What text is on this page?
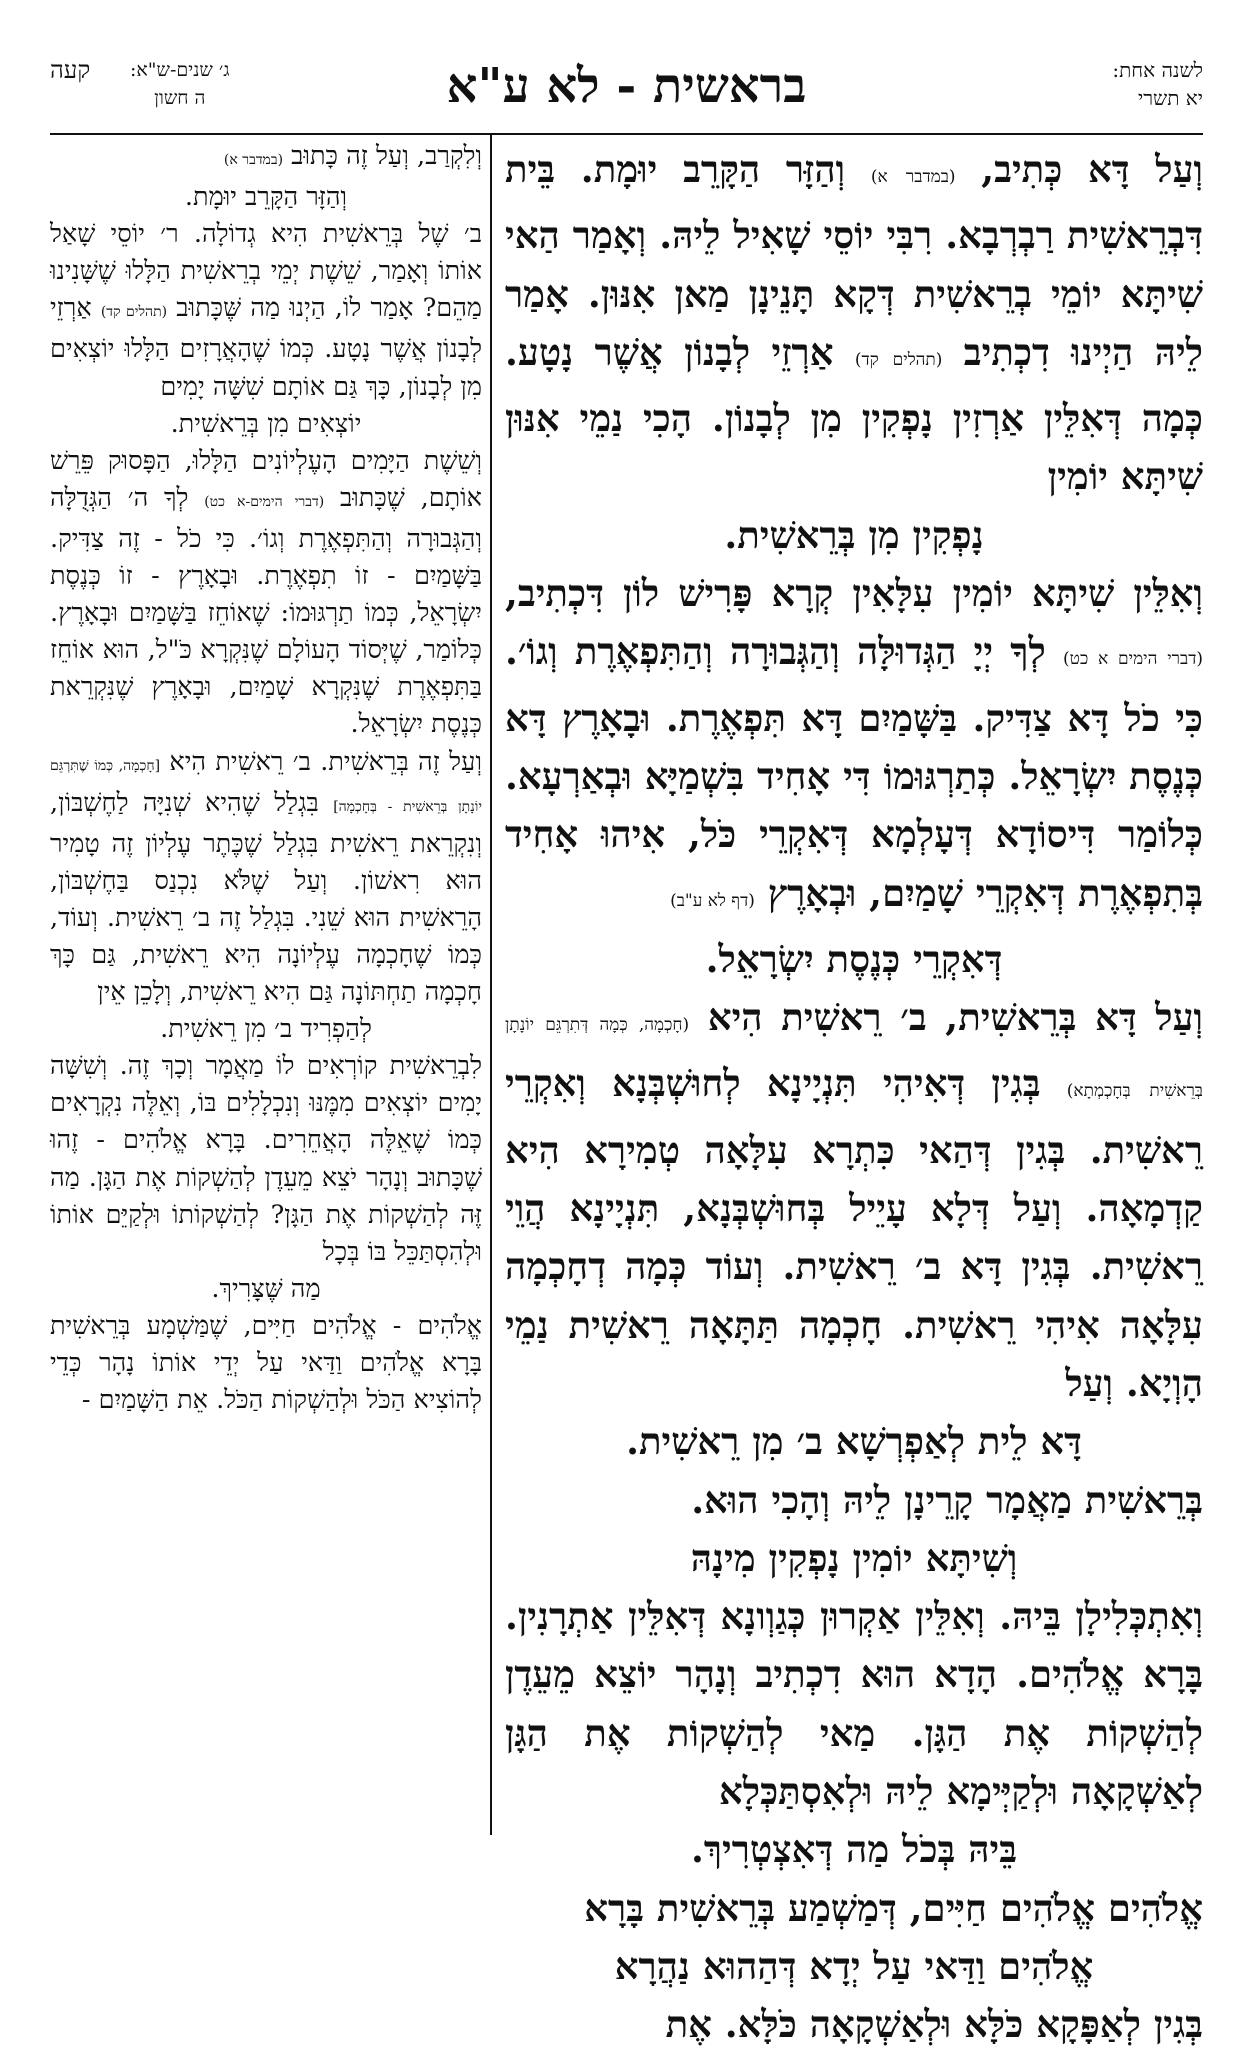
לשנה אחת:
יא תשרי
בראשית - לא ע"א
ג׳ שנים-ש"א:
ה חשון
קעה

וְעַל דָּא כְּתִיב, (במדבר א) וְהַזָּר הַקָּרֵב יוּמָת. בֵּית דִּבְרֵאשִׁית רַבְרְבָא. רִבִּי יוֹסֵי שָׁאִיל לֵיהּ. וְאָמַר הַאי שִׁיתָּא יוֹמֵי בְרֵאשִׁית דְּקָא תָּנֵינָן מַאן אִנּוּן. אָמַר לֵיהּ הַיְינוּ דִכְתִיב (תהלים קד) אַרְזֵי לְבָנוֹן אֲשֶׁר נָטָע. כְּמָה דְּאִלֵּין אַרְזִין נָפְקִין מִן לְבָנוֹן. הָכִי נַמֵי אִנּוּן שִׁיתָּא יוֹמִין

נָפְקִין מִן בְּרֵאשִׁית.

וְאִלֵּין שִׁיתָּא יוֹמִין עִלָּאִין קְרָא פָּרִישׁ לוֹן דִּכְתִיב, (דברי הימים א כט) לְךָ יְיָ הַגְּדוּלָּה וְהַגְּבוּרָה וְהַתִּפְאֶרֶת וְגוֹ׳. כִּי כֹל דָּא צַדִּיק. בַּשָּׁמַיִם דָּא תִּפְאֶרֶת. וּבָאָרֶץ דָּא כְּנֶסֶת יִשְׂרָאֵל. כְּתַרְגּוּמוֹ דִּי אָחִיד בִּשְׁמַיָּא וּבְאַרְעָא. כְּלוֹמַר דִּיסוֹדָא דְּעָלְמָא דְּאִקְרֵי כֹּל, אִיהוּ אָחִיד בְּתִפְאֶרֶת דְּאִקְרֵי שָׁמַיִם, וּבְאָרֶץ (דף לא ע"ב)

דְּאִקְרֵי כְּנֶסֶת יִשְׂרָאֵל.

וְעַל דָּא בְּרֵאשִׁית, ב׳ רֵאשִׁית הִיא (חָכְמָה, כְּמָה דְּתִרְגֵּם יוֹנָתָן בְּרֵאשִׁית בְּחָכְמְתָא) בְּגִין דְּאִיהִי תִּנְיָינָא לְחוּשְׁבְּנָא וְאִקְרֵי רֵאשִׁית. בְּגִין דְּהַאי כִּתְרָא עִלָּאָה טְמִירָא הִיא קַדְמָאָה. וְעַל דְּלָא עָיֵיל בְּחוּשְׁבְּנָא, תִּנְיָינָא הֲוֵי רֵאשִׁית. בְּגִין דָּא ב׳ רֵאשִׁית. וְעוֹד כְּמָה דְחָכְמָה עִלָּאָה אִיהִי רֵאשִׁית. חָכְמָה תַּתָּאָה רֵאשִׁית נַמֵי הָוְיָא. וְעַל

דָּא לֵית לְאַפְרְשָׁא ב׳ מִן רֵאשִׁית.

בְּרֵאשִׁית מַאֲמָר קָרֵינָן לֵיהּ וְהָכִי הוּא.

וְשִׁיתָּא יוֹמִין נָפְקִין מִינָהּ

וְאִתְכְּלִילָן בֵּיהּ. וְאִלֵּין אַקְרוּן כְּגַוְונָא דְּאִלֵּין אַתְרָנִין. בָּרָא אֱלֹהִים. הָדָא הוּא דִכְתִיב וְנָהָר יוֹצֵא מֵעֵדֶן לְהַשְׁקוֹת אֶת הַגָּן. מַאי לְהַשְׁקוֹת אֶת הַגָּן לְאַשְׁקָאָה וּלְקַיְּימָא לֵיהּ וּלְאִסְתַּכְּלָא

בֵּיהּ בְּכֹל מַה דְּאִצְטְרִיךְ.

אֱלֹהִים אֱלֹהִים חַיִּים, דְּמַשְׁמַע בְּרֵאשִׁית בָּרָא

אֱלֹהִים וַדַּאי עַל יְדָא דְּהַהוּא נַהֲרָא

בְּגִין לְאַפָּקָא כֹּלָּא וּלְאַשְׁקָאָה כֹּלָּא. אֶת

וְלִקְרַב, וְעַל זֶה כָּתוּב (במדבר א)

וְהַזָּר הַקָּרֵב יוּמָת.

ב׳ שֶׁל בְּרֵאשִׁית הִיא גְדוֹלָה. ר׳ יוֹסֵי שָׁאַל אוֹתוֹ וְאָמַר, שֵׁשֶׁת יְמֵי בְרֵאשִׁית הַלָּלוּ שֶׁשָּׁנִינוּ מַהֵם? אָמַר לוֹ, הַיְנוּ מַה שֶּׁכָּתוּב (תהלים קד) אַרְזֵי לְבָנוֹן אֲשֶׁר נָטָע. כְּמוֹ שֶׁהָאֲרָזִים הַלָּלוּ יוֹצְאִים מִן לְבָנוֹן, כָּךְ גַּם אוֹתָם שִׁשָּׁה יָמִים

יוֹצְאִים מִן בְּרֵאשִׁית.

וְשֵׁשֶׁת הַיָּמִים הָעֶלְיוֹנִים הַלָּלוּ, הַפָּסוּק פֵּרֵשׁ אוֹתָם, שֶׁכָּתוּב (דברי הימים-א כט) לְךָ ה׳ הַגְּדֻלָּה וְהַגְּבוּרָה וְהַתִּפְאֶרֶת וְגוֹ׳. כִּי כֹל - זֶה צַדִּיק. בַּשָּׁמַיִם - זוֹ תִפְאֶרֶת. וּבָאָרֶץ - זוֹ כְּנֶסֶת יִשְׂרָאֵל, כְּמוֹ תַרְגּוּמוֹ: שֶׁאוֹחֵז בַּשָּׁמַיִם וּבָאָרֶץ. כְּלוֹמַר, שֶׁיְּסוֹד הָעוֹלָם שֶׁנִּקְרָא כֹּ"ל, הוּא אוֹחֵז בַּתִּפְאֶרֶת שֶׁנִּקְרָא שָׁמַיִם, וּבָאָרֶץ שֶׁנִּקְרֵאת כְּנֶסֶת יִשְׂרָאֵל.

וְעַל זֶה בְּרֵאשִׁית. ב׳ רֵאשִׁית הִיא [חָכְמָה, כְּמוֹ שֶׁתִּרְגֵּם יוֹנָתָן בְּרֵאשִׁית - בְּחָכְמָה] בִּגְלַל שֶׁהִיא שְׁנִיָּה לַחֶשְׁבּוֹן, וְנִקְרֵאת רֵאשִׁית בִּגְלַל שֶׁכֶּתֶר עֶלְיוֹן זֶה טָמִיר הוּא רִאשׁוֹן. וְעַל שֶׁלֹּא נִכְנַס בַּחֶשְׁבּוֹן, הָרֵאשִׁית הוּא שֵׁנִי. בִּגְלַל זֶה ב׳ רֵאשִׁית. וְעוֹד, כְּמוֹ שֶׁחָכְמָה עֶלְיוֹנָה הִיא רֵאשִׁית, גַּם כָּךְ חָכְמָה תַחְתּוֹנָה גַּם הִיא רֵאשִׁית, וְלָכֵן אֵין

לְהַפְרִיד ב׳ מִן רֵאשִׁית.

לִבְרֵאשִׁית קוֹרְאִים לוֹ מַאֲמָר וְכָךְ זֶה. וְשִׁשָּׁה יָמִים יוֹצְאִים מִמֶּנּוּ וְנִכְלָלִים בּוֹ, וְאֵלֶּה נִקְרָאִים כְּמוֹ שֶׁאֵלֶּה הָאֲחֵרִים. בָּרָא אֱלֹהִים - זֶהוּ שֶׁכָּתוּב וְנָהָר יֹצֵא מֵעֵדֶן לְהַשְׁקוֹת אֶת הַגָּן. מַה זֶּה לְהַשְׁקוֹת אֶת הַגָּן? לְהַשְׁקוֹתוֹ וּלְקַיֵּם אוֹתוֹ וּלְהִסְתַּכֵּל בּוֹ בְּכָל

מַה שֶּׁצָּרִיךְ.

אֱלֹהִים - אֱלֹהִים חַיִּים, שֶׁמַּשְׁמָע בְּרֵאשִׁית בָּרָא אֱלֹהִים וַדַּאי עַל יְדֵי אוֹתוֹ נָהָר כְּדֵי לְהוֹצִיא הַכֹּל וּלְהַשְׁקוֹת הַכֹּל. אֵת הַשָּׁמַיִם -
